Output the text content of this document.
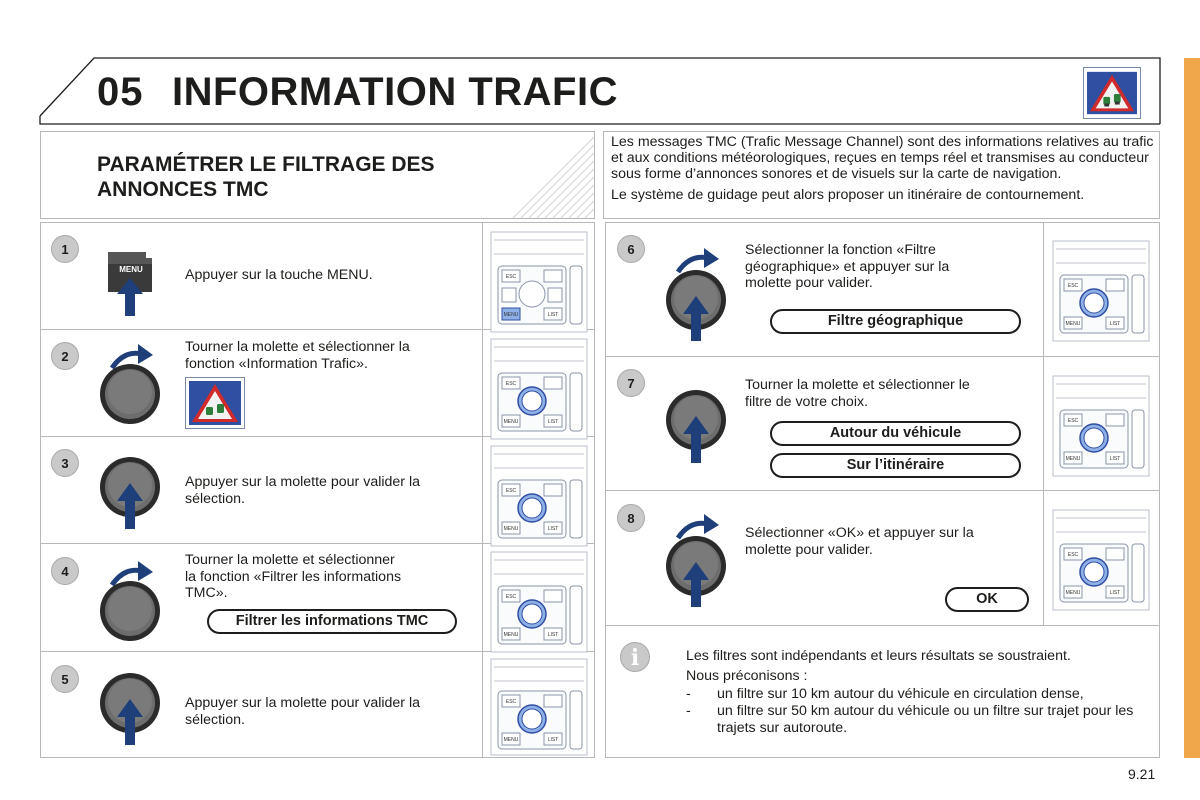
05 INFORMATION TRAFIC
PARAMÉTRER LE FILTRAGE DES
ANNONCES TMC

Les messages TMC (Trafic Message Channel) sont des informations relatives au trafic et aux conditions météorologiques, reçues en temps réel et transmises au conducteur sous forme d’annonces sonores et de visuels sur la carte de navigation.

Le système de guidage peut alors proposer un itinéraire de contournement.

1
MENU	Appuyer sur la touche MENU.
2
Tourner la molette et sélectionner la
fonction «Information Trafic».
3
Appuyer sur la molette pour valider la
sélection.
4
Tourner la molette et sélectionner
la fonction «Filtrer les informations
TMC».
Filtrer les informations TMC
5
Appuyer sur la molette pour valider la
sélection.
6	Sélectionner la fonction «Filtre
géographique» et appuyer sur la
molette pour valider.
Filtre géographique
7	Tourner la molette et sélectionner le
filtre de votre choix.
Autour du véhicule
Sur l’itinéraire
8
Sélectionner «OK» et appuyer sur la
molette pour valider.
OK
ESC
MENU	LIST
ESC
MENU	LIST
ESC
MENU	LIST
ESC
MENU	LIST
ESC
MENU	LIST
ESC
MENU	LIST
ESC
MENU	LIST
ESC
MENU	LIST
i	Les filtres sont indépendants et leurs résultats se soustraient.
Nous préconisons :
- un filtre sur 10 km autour du véhicule en circulation dense,
- un filtre sur 50 km autour du véhicule ou un filtre sur trajet pour les trajets sur autoroute.
9.21
